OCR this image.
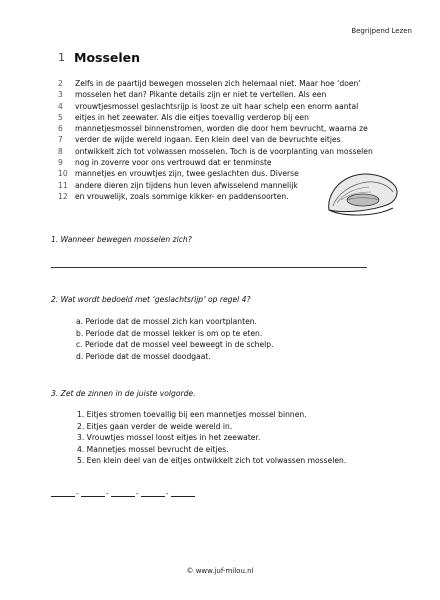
Begrijpend Lezen
1 Mosselen
2	Zelfs in de paartijd bewegen mosselen zich helemaal niet. Maar hoe ‘doen’
3	mosselen het dan? Pikante details zijn er niet te vertellen. Als een
4	vrouwtjesmossel geslachtsrijp is loost ze uit haar schelp een enorm aantal
5	eitjes in het zeewater. Als die eitjes toevallig verderop bij een
6	mannetjesmossel binnenstromen, worden die door hem bevrucht, waarna ze
7	verder de wijde wereld ingaan. Een klein deel van de bevruchte eitjes
8	ontwikkelt zich tot volwassen mosselen. Toch is de voorplanting van mosselen
9	nog in zoverre voor ons vertrouwd dat er tenminste
10 mannetjes en vrouwtjes zijn, twee geslachten dus. Diverse
11 andere dieren zijn tijdens hun leven afwisselend mannelijk
12 en vrouwelijk, zoals sommige kikker- en paddensoorten.
1. Wanneer bewegen mosselen zich?
2. Wat wordt bedoeld met ‘geslachtsrijp’ op regel 4?
a. Periode dat de mossel zich kan voortplanten.
b. Periode dat de mossel lekker is om op te eten.
c. Periode dat de mossel veel beweegt in de schelp.
d. Periode dat de mossel doodgaat.
3. Zet de zinnen in de juiste volgorde.
1. Eitjes stromen toevallig bij een mannetjes mossel binnen.
2. Eitjes gaan verder de weide wereld in.
3. Vrouwtjes mossel loost eitjes in het zeewater.
4. Mannetjes mossel bevrucht de eitjes.
5. Een klein deel van de eitjes ontwikkelt zich tot volwassen mosselen.
-	-	-	-
© www.juf-milou.nl
